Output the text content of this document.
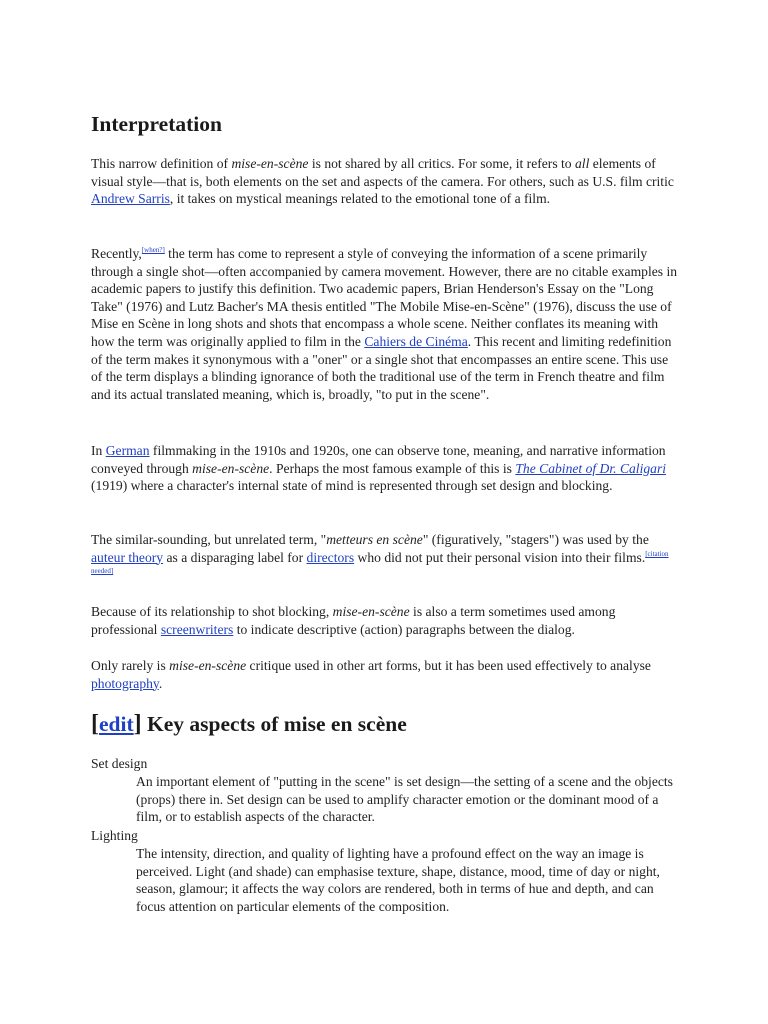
Interpretation

This narrow definition of mise-en-scène is not shared by all critics. For some, it refers to all elements of visual style—that is, both elements on the set and aspects of the camera. For others, such as U.S. film critic Andrew Sarris, it takes on mystical meanings related to the emotional tone of a film.

Recently,[when?] the term has come to represent a style of conveying the information of a scene primarily through a single shot—often accompanied by camera movement. However, there are no citable examples in academic papers to justify this definition. Two academic papers, Brian Henderson's Essay on the "Long Take" (1976) and Lutz Bacher's MA thesis entitled "The Mobile Mise-en-Scène" (1976), discuss the use of Mise en Scène in long shots and shots that encompass a whole scene. Neither conflates its meaning with how the term was originally applied to film in the Cahiers de Cinéma. This recent and limiting redefinition of the term makes it synonymous with a "oner" or a single shot that encompasses an entire scene. This use of the term displays a blinding ignorance of both the traditional use of the term in French theatre and film and its actual translated meaning, which is, broadly, "to put in the scene".

In German filmmaking in the 1910s and 1920s, one can observe tone, meaning, and narrative information conveyed through mise-en-scène. Perhaps the most famous example of this is The Cabinet of Dr. Caligari (1919) where a character's internal state of mind is represented through set design and blocking.

The similar-sounding, but unrelated term, "metteurs en scène" (figuratively, "stagers") was used by the auteur theory as a disparaging label for directors who did not put their personal vision into their films.[citation needed]

Because of its relationship to shot blocking, mise-en-scène is also a term sometimes used among professional screenwriters to indicate descriptive (action) paragraphs between the dialog.

Only rarely is mise-en-scène critique used in other art forms, but it has been used effectively to analyse photography.

[edit] Key aspects of mise en scène
Set design
An important element of "putting in the scene" is set design—the setting of a scene and the objects (props) there in. Set design can be used to amplify character emotion or the dominant mood of a film, or to establish aspects of the character.
Lighting
The intensity, direction, and quality of lighting have a profound effect on the way an image is perceived. Light (and shade) can emphasise texture, shape, distance, mood, time of day or night, season, glamour; it affects the way colors are rendered, both in terms of hue and depth, and can focus attention on particular elements of the composition.
